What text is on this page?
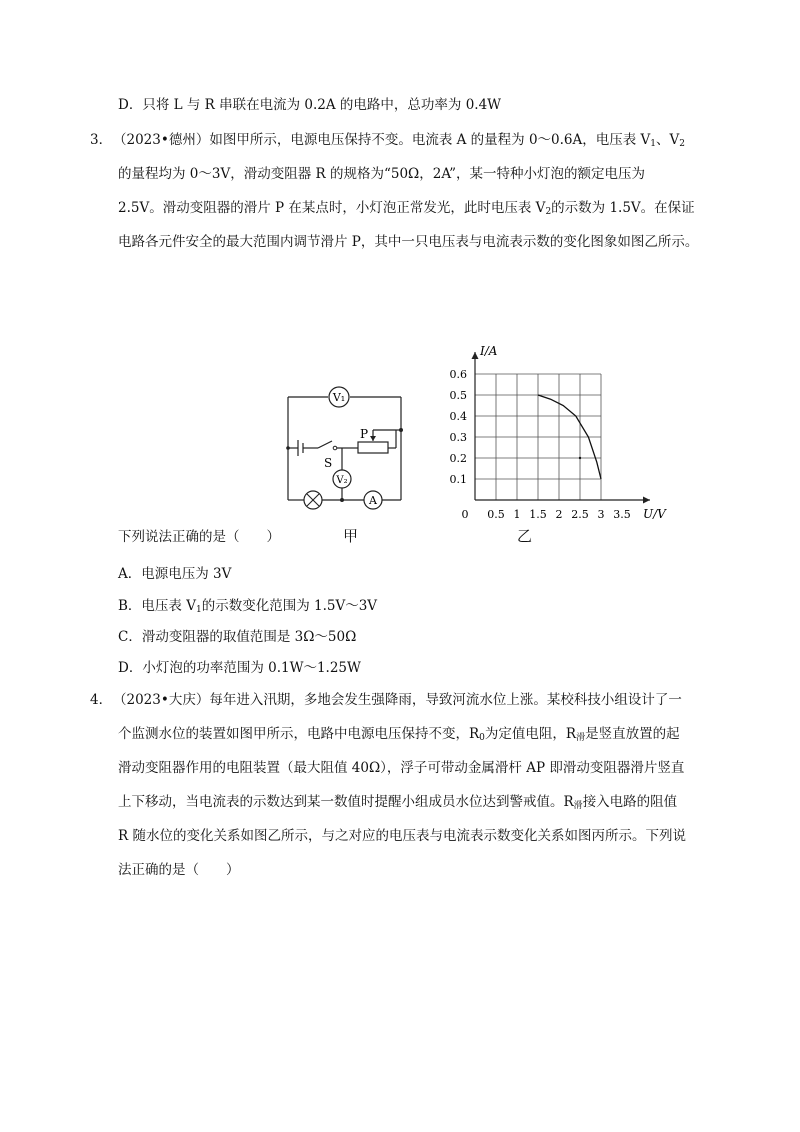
D．只将 L 与 R 串联在电流为 0.2A 的电路中，总功率为 0.4W
3． （2023•德州）如图甲所示，电源电压保持不变。电流表 A 的量程为 0～0.6A，电压表 $V_1$、$V_2$
的量程均为 0～3V，滑动变阻器 R 的规格为“50Ω，2A”，某一特种小灯泡的额定电压为
2.5V。滑动变阻器的滑片 P 在某点时，小灯泡正常发光，此时电压表 $V_2$的示数为 1.5V。在保证
电路各元件安全的最大范围内调节滑片 P，其中一只电压表与电流表示数的变化图象如图乙所示。
V₁
V₂
A
S
P
甲
I/A
U/V
0 0.5 1 1.5 2 2.5 3 3.5
0.1
0.2
0.3
0.4
0.5
0.6
乙
下列说法正确的是（　　）
A．电源电压为 3V
B．电压表 $V_1$的示数变化范围为 1.5V～3V
C．滑动变阻器的取值范围是 3Ω～50Ω
D．小灯泡的功率范围为 0.1W～1.25W
4． （2023•大庆）每年进入汛期，多地会发生强降雨，导致河流水位上涨。某校科技小组设计了一
个监测水位的装置如图甲所示，电路中电源电压保持不变，$R_0$为定值电阻，$R_滑$是竖直放置的起
滑动变阻器作用的电阻装置（最大阻值 40Ω），浮子可带动金属滑杆 AP 即滑动变阻器滑片竖直
上下移动，当电流表的示数达到某一数值时提醒小组成员水位达到警戒值。$R_滑$接入电路的阻值
R 随水位的变化关系如图乙所示，与之对应的电压表与电流表示数变化关系如图丙所示。下列说
法正确的是（　　）
